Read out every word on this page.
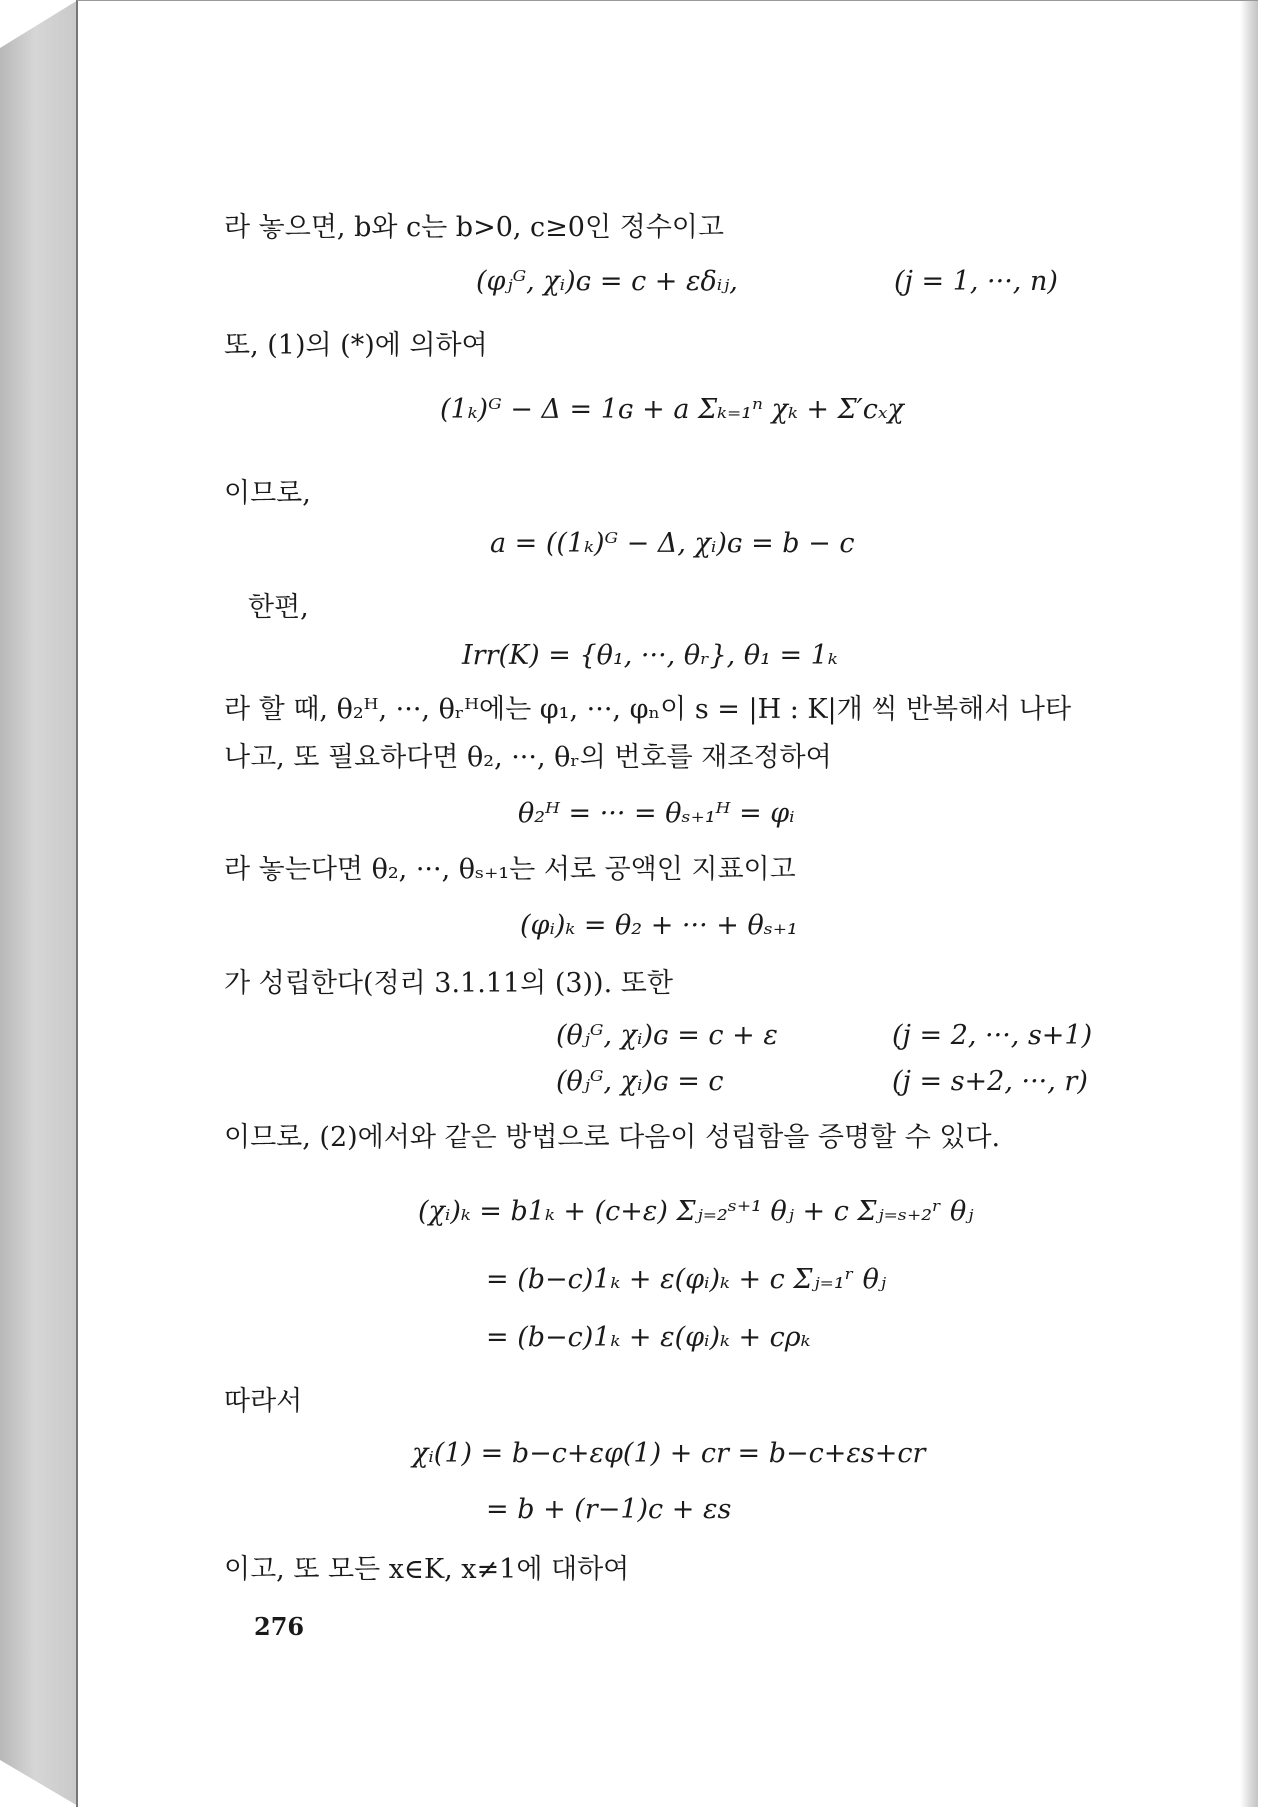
라 놓으면, b와 c는 b>0, c≥0인 정수이고
(φⱼᴳ, χᵢ)ɢ = c + εδᵢⱼ,	(j = 1, ···, n)
또, (1)의 (*)에 의하여
(1ₖ)ᴳ − Δ = 1ɢ + a Σₖ₌₁ⁿ χₖ + Σ′cₓχ
이므로,
a = ((1ₖ)ᴳ − Δ, χᵢ)ɢ = b − c
한편,
Irr(K) = {θ₁, ···, θᵣ}, θ₁ = 1ₖ
라 할 때, θ₂ᴴ, ···, θᵣᴴ에는 φ₁, ···, φₙ이 s = |H : K|개 씩 반복해서 나타
나고, 또 필요하다면 θ₂, ···, θᵣ의 번호를 재조정하여
θ₂ᴴ = ··· = θₛ₊₁ᴴ = φᵢ
라 놓는다면 θ₂, ···, θₛ₊₁는 서로 공액인 지표이고
(φᵢ)ₖ = θ₂ + ··· + θₛ₊₁
가 성립한다(정리 3.1.11의 (3)). 또한
(θⱼᴳ, χᵢ)ɢ = c + ε	(j = 2, ···, s+1)
(θⱼᴳ, χᵢ)ɢ = c	(j = s+2, ···, r)
이므로, (2)에서와 같은 방법으로 다음이 성립함을 증명할 수 있다.
(χᵢ)ₖ = b1ₖ + (c+ε) Σⱼ₌₂ˢ⁺¹ θⱼ + c Σⱼ₌ₛ₊₂ʳ θⱼ
= (b−c)1ₖ + ε(φᵢ)ₖ + c Σⱼ₌₁ʳ θⱼ
= (b−c)1ₖ + ε(φᵢ)ₖ + cρₖ
따라서
χᵢ(1) = b−c+εφ(1) + cr = b−c+εs+cr
= b + (r−1)c + εs
이고, 또 모든 x∈K, x≠1에 대하여
276
